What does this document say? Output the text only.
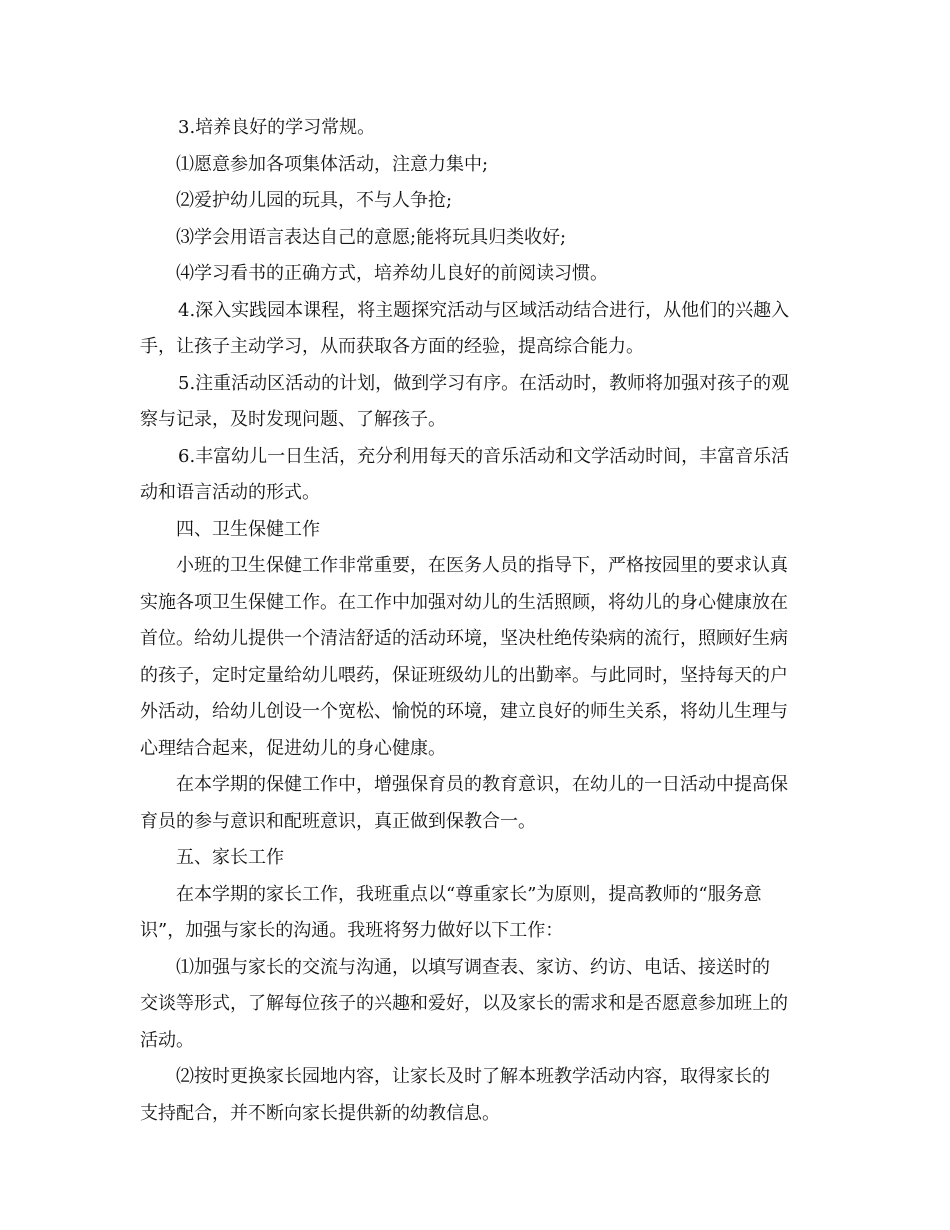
3.培养良好的学习常规。
⑴愿意参加各项集体活动，注意力集中;
⑵爱护幼儿园的玩具，不与人争抢;
⑶学会用语言表达自己的意愿;能将玩具归类收好;
⑷学习看书的正确方式，培养幼儿良好的前阅读习惯。
4.深入实践园本课程，将主题探究活动与区域活动结合进行，从他们的兴趣入
手，让孩子主动学习，从而获取各方面的经验，提高综合能力。
5.注重活动区活动的计划，做到学习有序。在活动时，教师将加强对孩子的观
察与记录，及时发现问题、了解孩子。
6.丰富幼儿一日生活，充分利用每天的音乐活动和文学活动时间，丰富音乐活
动和语言活动的形式。
四、卫生保健工作
小班的卫生保健工作非常重要，在医务人员的指导下，严格按园里的要求认真
实施各项卫生保健工作。在工作中加强对幼儿的生活照顾，将幼儿的身心健康放在
首位。给幼儿提供一个清洁舒适的活动环境，坚决杜绝传染病的流行，照顾好生病
的孩子，定时定量给幼儿喂药，保证班级幼儿的出勤率。与此同时，坚持每天的户
外活动，给幼儿创设一个宽松、愉悦的环境，建立良好的师生关系，将幼儿生理与
心理结合起来，促进幼儿的身心健康。
在本学期的保健工作中，增强保育员的教育意识，在幼儿的一日活动中提高保
育员的参与意识和配班意识，真正做到保教合一。
五、家长工作
在本学期的家长工作，我班重点以“尊重家长”为原则，提高教师的“服务意
识”，加强与家长的沟通。我班将努力做好以下工作：
⑴加强与家长的交流与沟通，以填写调查表、家访、约访、电话、接送时的
交谈等形式，了解每位孩子的兴趣和爱好，以及家长的需求和是否愿意参加班上的
活动。
⑵按时更换家长园地内容，让家长及时了解本班教学活动内容，取得家长的
支持配合，并不断向家长提供新的幼教信息。
